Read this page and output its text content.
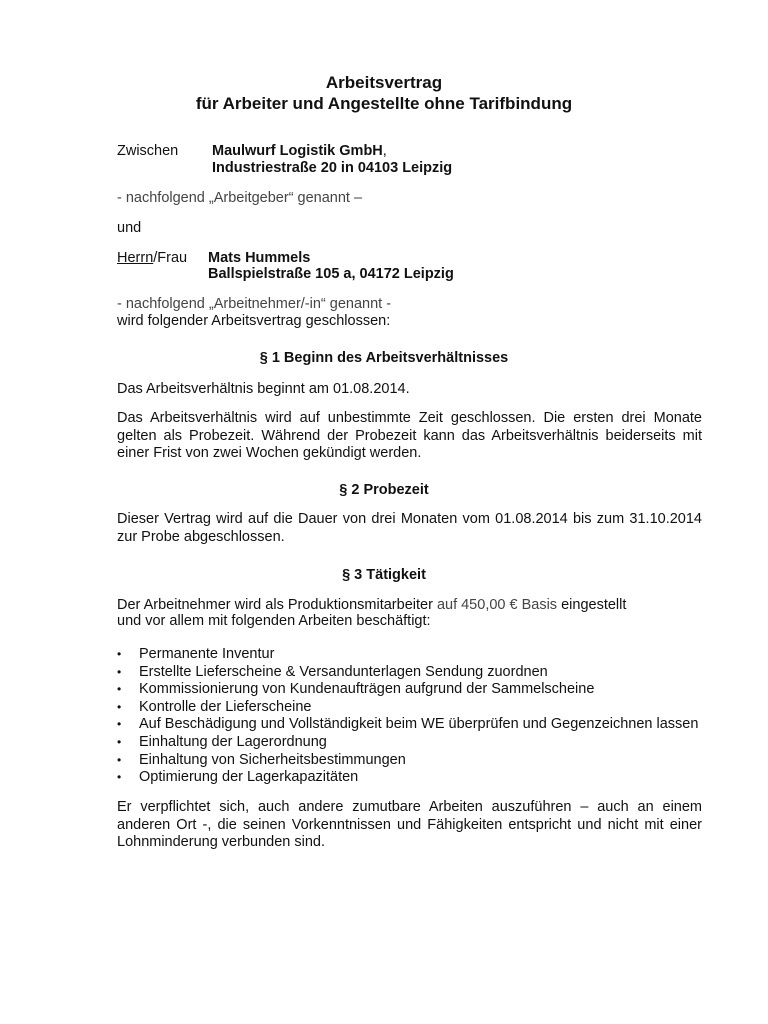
Arbeitsvertrag
für Arbeiter und Angestellte ohne Tarifbindung
Zwischen Maulwurf Logistik GmbH,
Industriestraße 20 in 04103 Leipzig
- nachfolgend „Arbeitgeber“ genannt –
und
Herrn/Frau Mats Hummels
Ballspielstraße 105 a, 04172 Leipzig
- nachfolgend „Arbeitnehmer/-in“ genannt -
wird folgender Arbeitsvertrag geschlossen:
§ 1 Beginn des Arbeitsverhältnisses
Das Arbeitsverhältnis beginnt am 01.08.2014.
Das Arbeitsverhältnis wird auf unbestimmte Zeit geschlossen. Die ersten drei Monate gelten als Probezeit. Während der Probezeit kann das Arbeitsverhältnis beiderseits mit einer Frist von zwei Wochen gekündigt werden.
§ 2 Probezeit
Dieser Vertrag wird auf die Dauer von drei Monaten vom 01.08.2014 bis zum 31.10.2014 zur Probe abgeschlossen.
§ 3 Tätigkeit
Der Arbeitnehmer wird als Produktionsmitarbeiter auf 450,00 € Basis eingestellt
und vor allem mit folgenden Arbeiten beschäftigt:
• Permanente Inventur
• Erstellte Lieferscheine & Versandunterlagen Sendung zuordnen
• Kommissionierung von Kundenaufträgen aufgrund der Sammelscheine
• Kontrolle der Lieferscheine
• Auf Beschädigung und Vollständigkeit beim WE überprüfen und Gegenzeichnen lassen
• Einhaltung der Lagerordnung
• Einhaltung von Sicherheitsbestimmungen
• Optimierung der Lagerkapazitäten
Er verpflichtet sich, auch andere zumutbare Arbeiten auszuführen – auch an einem anderen Ort -, die seinen Vorkenntnissen und Fähigkeiten entspricht und nicht mit einer Lohnminderung verbunden sind.
